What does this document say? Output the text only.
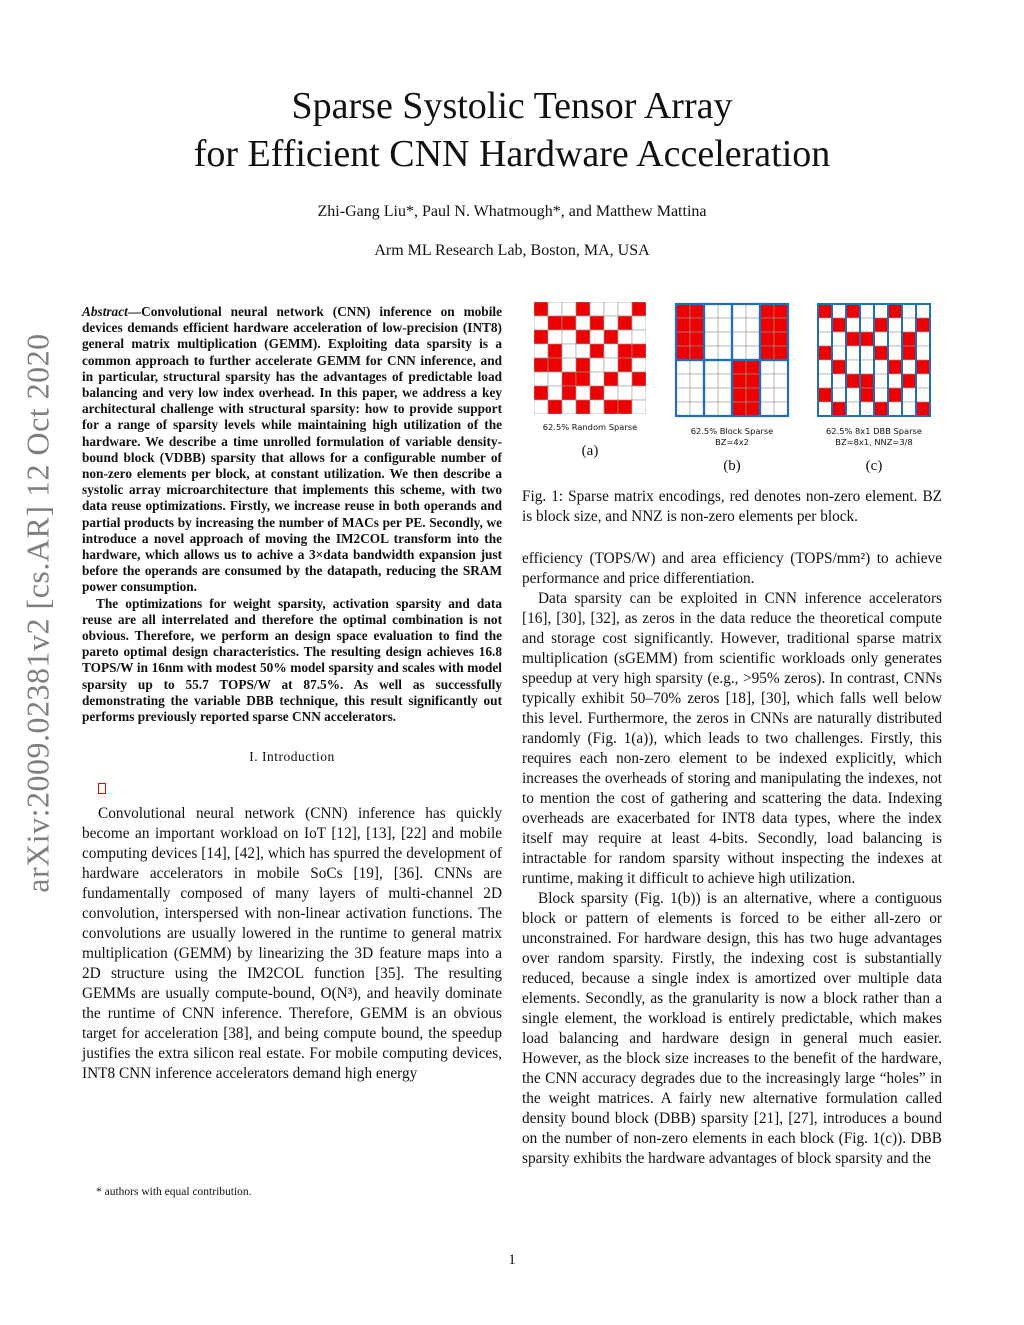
Sparse Systolic Tensor Array
for Efficient CNN Hardware Acceleration
Zhi-Gang Liu*, Paul N. Whatmough*, and Matthew Mattina
Arm ML Research Lab, Boston, MA, USA
arXiv:2009.02381v2 [cs.AR] 12 Oct 2020

Abstract—Convolutional neural network (CNN) inference on mobile devices demands efficient hardware acceleration of low-precision (INT8) general matrix multiplication (GEMM). Exploiting data sparsity is a common approach to further accelerate GEMM for CNN inference, and in particular, structural sparsity has the advantages of predictable load balancing and very low index overhead. In this paper, we address a key architectural challenge with structural sparsity: how to provide support for a range of sparsity levels while maintaining high utilization of the hardware. We describe a time unrolled formulation of variable density-bound block (VDBB) sparsity that allows for a configurable number of non-zero elements per block, at constant utilization. We then describe a systolic array microarchitecture that implements this scheme, with two data reuse optimizations. Firstly, we increase reuse in both operands and partial products by increasing the number of MACs per PE. Secondly, we introduce a novel approach of moving the IM2COL transform into the hardware, which allows us to achive a 3×data bandwidth expansion just before the operands are consumed by the datapath, reducing the SRAM power consumption.

The optimizations for weight sparsity, activation sparsity and data reuse are all interrelated and therefore the optimal combination is not obvious. Therefore, we perform an design space evaluation to find the pareto optimal design characteristics. The resulting design achieves 16.8 TOPS/W in 16nm with modest 50% model sparsity and scales with model sparsity up to 55.7 TOPS/W at 87.5%. As well as successfully demonstrating the variable DBB technique, this result significantly out performs previously reported sparse CNN accelerators.

I. Introduction

Convolutional neural network (CNN) inference has quickly become an important workload on IoT [12], [13], [22] and mobile computing devices [14], [42], which has spurred the development of hardware accelerators in mobile SoCs [19], [36]. CNNs are fundamentally composed of many layers of multi-channel 2D convolution, interspersed with non-linear activation functions. The convolutions are usually lowered in the runtime to general matrix multiplication (GEMM) by linearizing the 3D feature maps into a 2D structure using the IM2COL function [35]. The resulting GEMMs are usually compute-bound, O(N³), and heavily dominate the runtime of CNN inference. Therefore, GEMM is an obvious target for acceleration [38], and being compute bound, the speedup justifies the extra silicon real estate. For mobile computing devices, INT8 CNN inference accelerators demand high energy

* authors with equal contribution.
62.5% Random Sparse
(a)
62.5% Block Sparse
BZ=4x2
(b)
62.5% 8x1 DBB Sparse
BZ=8x1, NNZ=3/8
(c)
Fig. 1: Sparse matrix encodings, red denotes non-zero element. BZ is block size, and NNZ is non-zero elements per block.

efficiency (TOPS/W) and area efficiency (TOPS/mm²) to achieve performance and price differentiation.

Data sparsity can be exploited in CNN inference accelerators [16], [30], [32], as zeros in the data reduce the theoretical compute and storage cost significantly. However, traditional sparse matrix multiplication (sGEMM) from scientific workloads only generates speedup at very high sparsity (e.g., >95% zeros). In contrast, CNNs typically exhibit 50–70% zeros [18], [30], which falls well below this level. Furthermore, the zeros in CNNs are naturally distributed randomly (Fig. 1(a)), which leads to two challenges. Firstly, this requires each non-zero element to be indexed explicitly, which increases the overheads of storing and manipulating the indexes, not to mention the cost of gathering and scattering the data. Indexing overheads are exacerbated for INT8 data types, where the index itself may require at least 4-bits. Secondly, load balancing is intractable for random sparsity without inspecting the indexes at runtime, making it difficult to achieve high utilization.

Block sparsity (Fig. 1(b)) is an alternative, where a contiguous block or pattern of elements is forced to be either all-zero or unconstrained. For hardware design, this has two huge advantages over random sparsity. Firstly, the indexing cost is substantially reduced, because a single index is amortized over multiple data elements. Secondly, as the granularity is now a block rather than a single element, the workload is entirely predictable, which makes load balancing and hardware design in general much easier. However, as the block size increases to the benefit of the hardware, the CNN accuracy degrades due to the increasingly large “holes” in the weight matrices. A fairly new alternative formulation called density bound block (DBB) sparsity [21], [27], introduces a bound on the number of non-zero elements in each block (Fig. 1(c)). DBB sparsity exhibits the hardware advantages of block sparsity and the

1
